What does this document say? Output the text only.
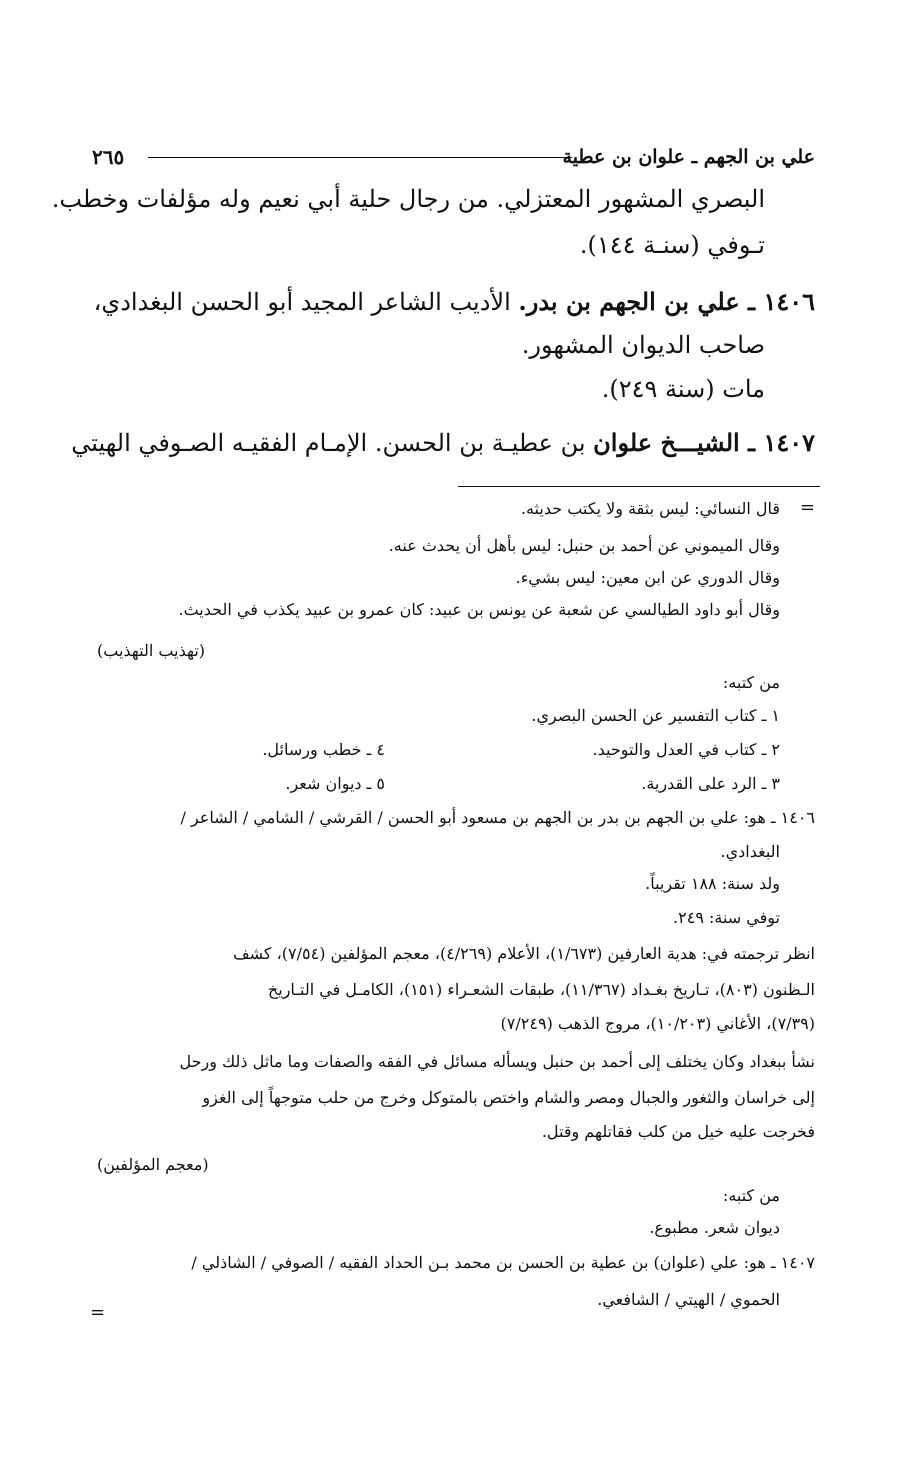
علي بن الجهم ـ علوان بن عطية
٢٦٥
البصري المشهور المعتزلي. من رجال حلية أبي نعيم وله مؤلفات وخطب.
تـوفي (سنـة ١٤٤).
١٤٠٦ ـ علي بن الجهم بن بدر. الأديب الشاعر المجيد أبو الحسن البغدادي،
صاحب الديوان المشهور.
مات (سنة ٢٤٩).
١٤٠٧ ـ الشيـــخ علوان بن عطيـة بن الحسن. الإمـام الفقيـه الصـوفي الهيتي
=
قال النسائي: ليس بثقة ولا يكتب حديثه.
وقال الميموني عن أحمد بن حنبل: ليس بأهل أن يحدث عنه.
وقال الدوري عن ابن معين: ليس بشيء.
وقال أبو داود الطيالسي عن شعبة عن يونس بن عبيد: كان عمرو بن عبيد يكذب في الحديث.
(تهذيب التهذيب)
من كتبه:
١ ـ كتاب التفسير عن الحسن البصري.
٢ ـ كتاب في العدل والتوحيد.
٤ ـ خطب ورسائل.
٣ ـ الرد على القدرية.
٥ ـ ديوان شعر.
١٤٠٦ ـ هو: علي بن الجهم بن بدر بن الجهم بن مسعود أبو الحسن / القرشي / الشامي / الشاعر /
البغدادي.
ولد سنة: ١٨٨ تقريباً.
توفي سنة: ٢٤٩.
انظر ترجمته في: هدية العارفين (١/٦٧٣)، الأعلام (٤/٢٦٩)، معجم المؤلفين (٧/٥٤)، كشف
الـظنون (٨٠٣)، تـاريخ بغـداد (١١/٣٦٧)، طبقات الشعـراء (١٥١)، الكامـل في التـاريخ
(٧/٣٩)، الأغاني (١٠/٢٠٣)، مروج الذهب (٧/٢٤٩)
نشأ ببغداد وكان يختلف إلى أحمد بن حنبل ويسأله مسائل في الفقه والصفات وما ماثل ذلك ورحل
إلى خراسان والثغور والجبال ومصر والشام واختص بالمتوكل وخرج من حلب متوجهاً إلى الغزو
فخرجت عليه خيل من كلب فقاتلهم وقتل.
(معجم المؤلفين)
من كتبه:
ديوان شعر. مطبوع.
١٤٠٧ ـ هو: علي (علوان) بن عطية بن الحسن بن محمد بـن الحداد الفقيه / الصوفي / الشاذلي /
الحموي / الهيتي / الشافعي.
=
